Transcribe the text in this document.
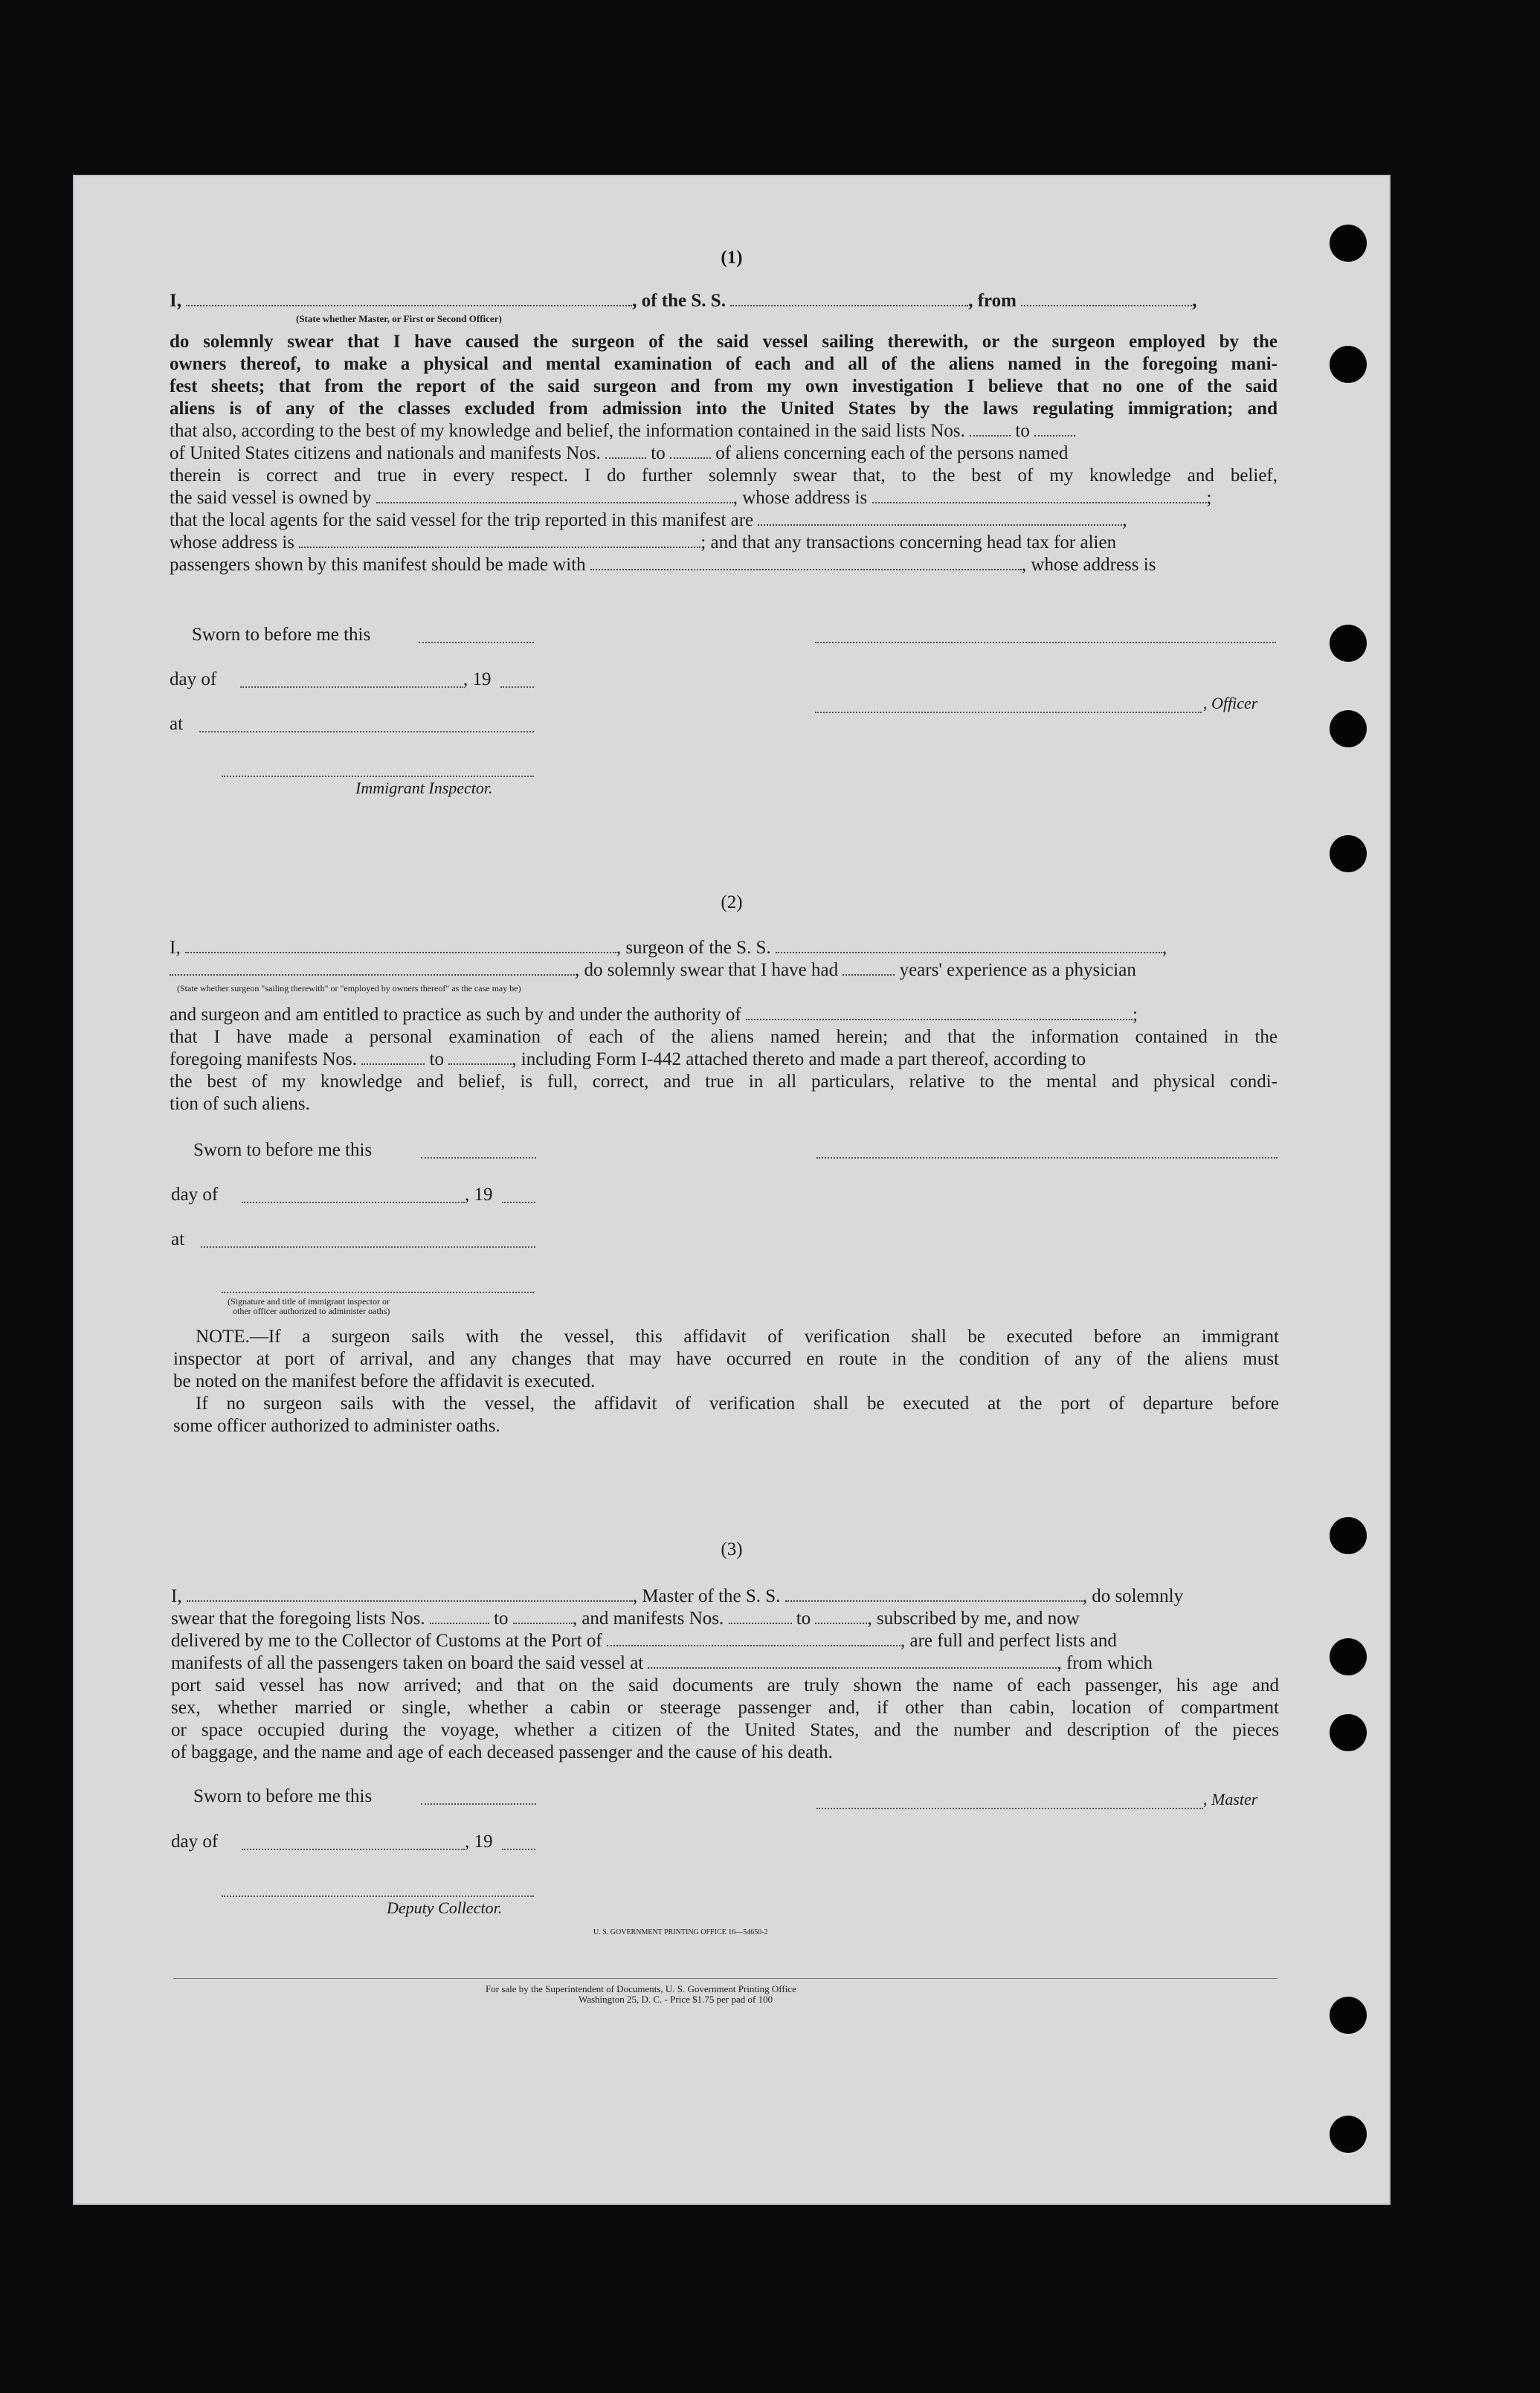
(1)
I,	, of the S. S.	, from	,
(State whether Master, or First or Second Officer)
do solemnly swear that I have caused the surgeon of the said vessel sailing therewith, or the surgeon employed by the
owners thereof, to make a physical and mental examination of each and all of the aliens named in the foregoing mani-
fest sheets; that from the report of the said surgeon and from my own investigation I believe that no one of the said
aliens is of any of the classes excluded from admission into the United States by the laws regulating immigration; and
that also, according to the best of my knowledge and belief, the information contained in the said lists Nos.	to
of United States citizens and nationals and manifests Nos.	to	of aliens concerning each of the persons named
therein is correct and true in every respect. I do further solemnly swear that, to the best of my knowledge and belief,
the said vessel is owned by	, whose address is	;
that the local agents for the said vessel for the trip reported in this manifest are	,
whose address is	; and that any transactions concerning head tax for alien
passengers shown by this manifest should be made with	, whose address is
Sworn to before me this
day of	, 19
, Officer
at
Immigrant Inspector.
(2)
I,	, surgeon of the S. S.	,
, do solemnly swear that I have had	years' experience as a physician
(State whether surgeon "sailing therewith" or "employed by owners thereof" as the case may be)
and surgeon and am entitled to practice as such by and under the authority of	;
that I have made a personal examination of each of the aliens named herein; and that the information contained in the
foregoing manifests Nos.	to	, including Form I-442 attached thereto and made a part thereof, according to
the best of my knowledge and belief, is full, correct, and true in all particulars, relative to the mental and physical condi-
tion of such aliens.
Sworn to before me this
day of	, 19
at
(Signature and title of immigrant inspector or
other officer authorized to administer oaths)
NOTE.—If a surgeon sails with the vessel, this affidavit of verification shall be executed before an immigrant
inspector at port of arrival, and any changes that may have occurred en route in the condition of any of the aliens must
be noted on the manifest before the affidavit is executed.
If no surgeon sails with the vessel, the affidavit of verification shall be executed at the port of departure before
some officer authorized to administer oaths.
(3)
I,	, Master of the S. S.	, do solemnly
swear that the foregoing lists Nos.	to	, and manifests Nos.	to	, subscribed by me, and now
delivered by me to the Collector of Customs at the Port of	, are full and perfect lists and
manifests of all the passengers taken on board the said vessel at	, from which
port said vessel has now arrived; and that on the said documents are truly shown the name of each passenger, his age and
sex, whether married or single, whether a cabin or steerage passenger and, if other than cabin, location of compartment
or space occupied during the voyage, whether a citizen of the United States, and the number and description of the pieces
of baggage, and the name and age of each deceased passenger and the cause of his death.
Sworn to before me this	, Master
day of	, 19
Deputy Collector.
U. S. GOVERNMENT PRINTING OFFICE 16—54650-2
For sale by the Superintendent of Documents, U. S. Government Printing Office
Washington 25, D. C. - Price $1.75 per pad of 100
